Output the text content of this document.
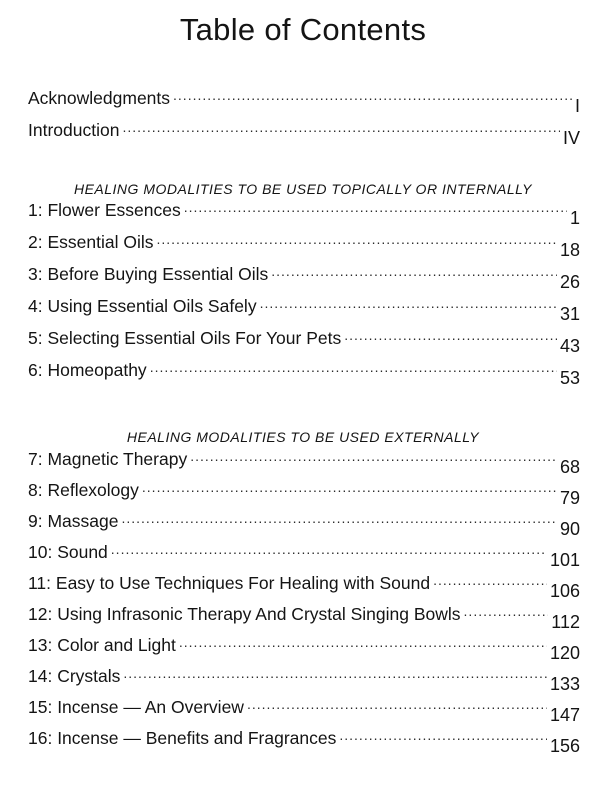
Table of Contents
Acknowledgments .....	I
Introduction .....	IV
HEALING MODALITIES TO BE USED TOPICALLY OR INTERNALLY
1: Flower Essences .....	1
2: Essential Oils .....	18
3: Before Buying Essential Oils .....	26
4: Using Essential Oils Safely .....	31
5: Selecting Essential Oils For Your Pets .....	43
6: Homeopathy .....	53
HEALING MODALITIES TO BE USED EXTERNALLY
7: Magnetic Therapy .....	68
8: Reflexology .....	79
9: Massage .....	90
10: Sound .....	101
11: Easy to Use Techniques For Healing with Sound .....	106
12: Using Infrasonic Therapy And Crystal Singing Bowls .....	112
13: Color and Light .....	120
14: Crystals .....	133
15: Incense — An Overview .....	147
16: Incense — Benefits and Fragrances .....	156
